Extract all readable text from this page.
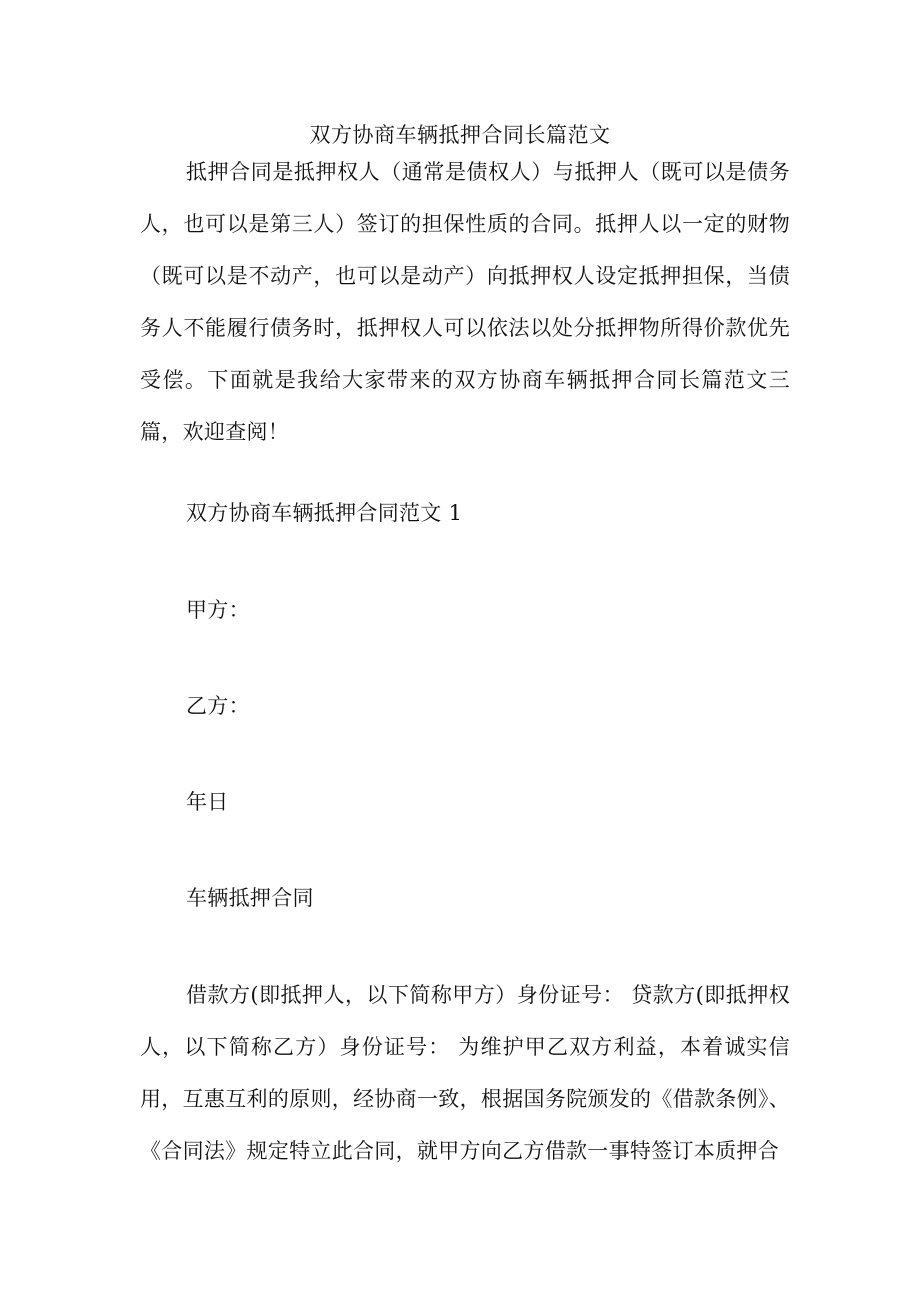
双方协商车辆抵押合同长篇范文
抵押合同是抵押权人（通常是债权人）与抵押人（既可以是债务人，也可以是第三人）签订的担保性质的合同。抵押人以一定的财物（既可以是不动产，也可以是动产）向抵押权人设定抵押担保，当债务人不能履行债务时，抵押权人可以依法以处分抵押物所得价款优先受偿。下面就是我给大家带来的双方协商车辆抵押合同长篇范文三篇，欢迎查阅！
双方协商车辆抵押合同范文 1
甲方：
乙方：
年日
车辆抵押合同
借款方(即抵押人，以下简称甲方）身份证号： 贷款方(即抵押权人，以下简称乙方）身份证号： 为维护甲乙双方利益，本着诚实信用，互惠互利的原则，经协商一致，根据国务院颁发的《借款条例》、《合同法》规定特立此合同，就甲方向乙方借款一事特签订本质押合
